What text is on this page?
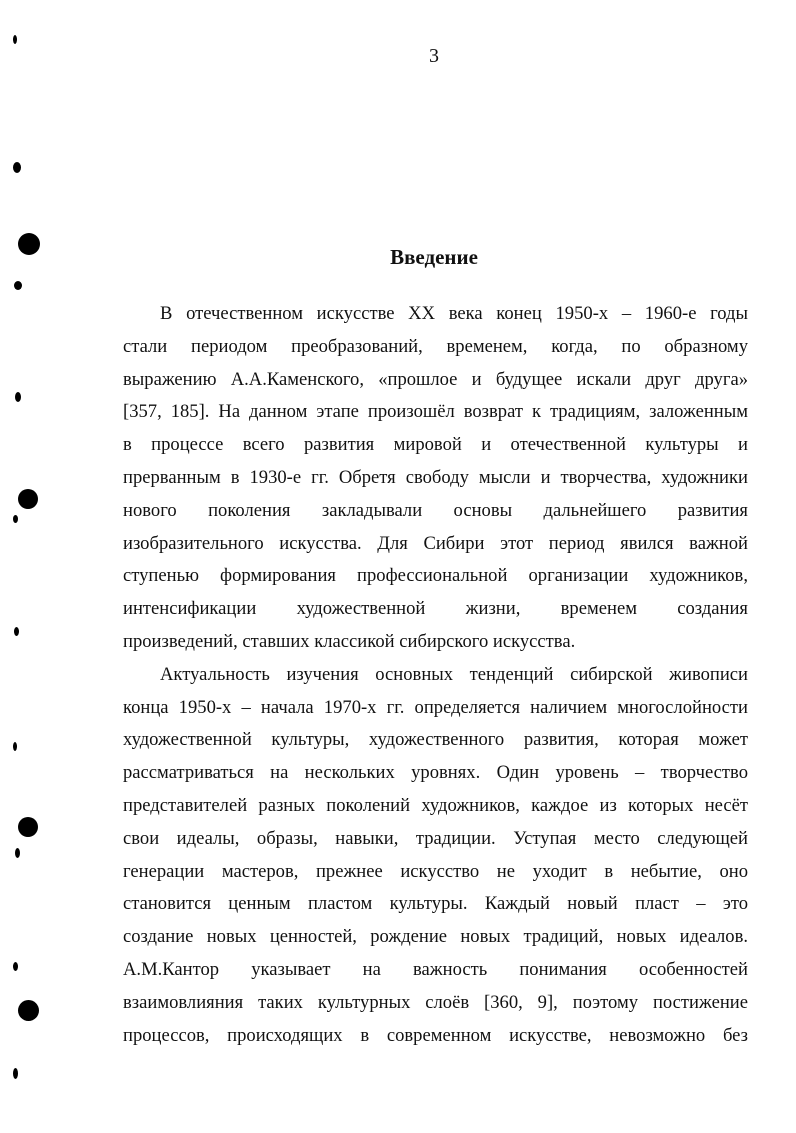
3
Введение
В отечественном искусстве XX века конец 1950-х – 1960-е годы
стали периодом преобразований, временем, когда, по образному
выражению А.А.Каменского, «прошлое и будущее искали друг друга»
[357, 185]. На данном этапе произошёл возврат к традициям, заложенным
в процессе всего развития мировой и отечественной культуры и
прерванным в 1930-е гг. Обретя свободу мысли и творчества, художники
нового поколения закладывали основы дальнейшего развития
изобразительного искусства. Для Сибири этот период явился важной
ступенью формирования профессиональной организации художников,
интенсификации художественной жизни, временем создания
произведений, ставших классикой сибирского искусства.
Актуальность изучения основных тенденций сибирской живописи
конца 1950-х – начала 1970-х гг. определяется наличием многослойности
художественной культуры, художественного развития, которая может
рассматриваться на нескольких уровнях. Один уровень – творчество
представителей разных поколений художников, каждое из которых несёт
свои идеалы, образы, навыки, традиции. Уступая место следующей
генерации мастеров, прежнее искусство не уходит в небытие, оно
становится ценным пластом культуры. Каждый новый пласт – это
создание новых ценностей, рождение новых традиций, новых идеалов.
А.М.Кантор указывает на важность понимания особенностей
взаимовлияния таких культурных слоёв [360, 9], поэтому постижение
процессов, происходящих в современном искусстве, невозможно без
